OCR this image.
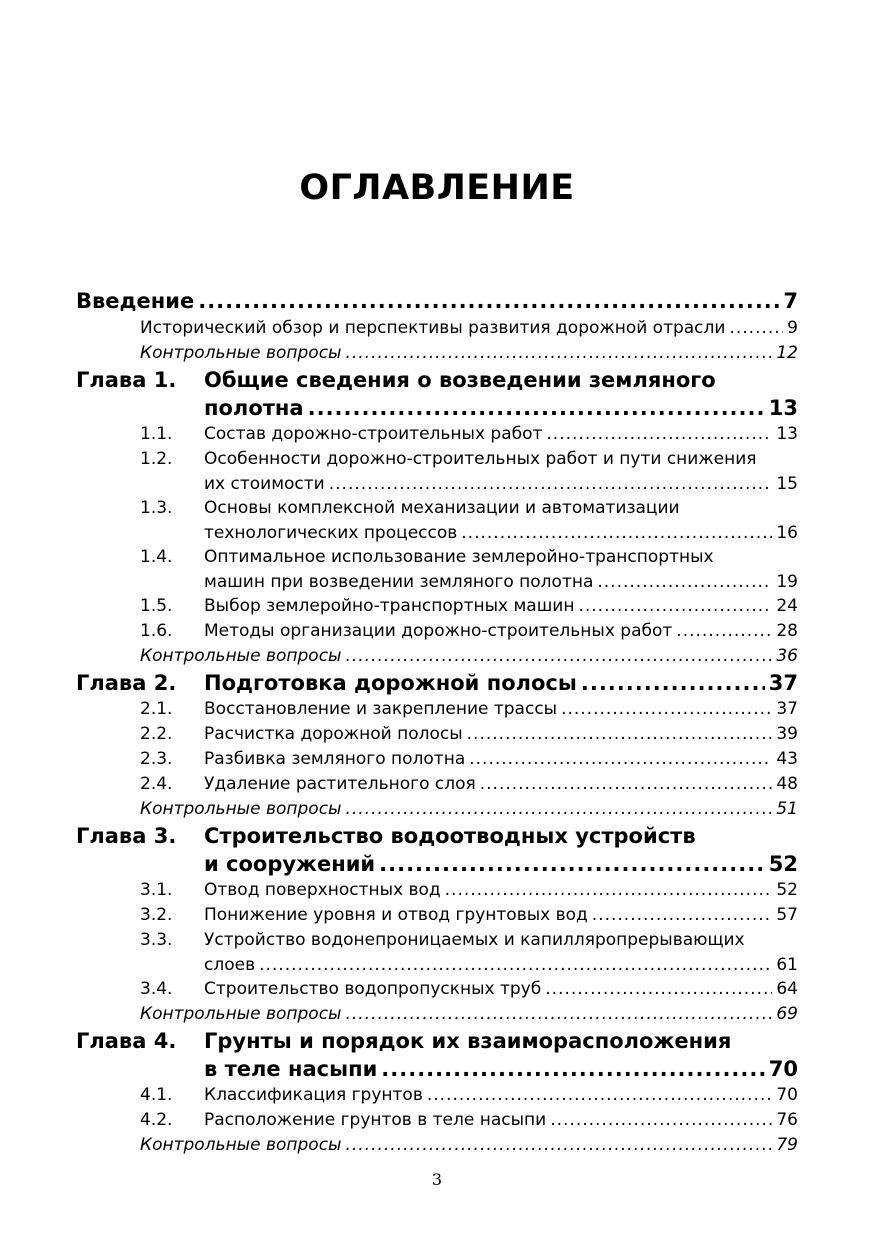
ОГЛАВЛЕНИЕ
Введение .....	7
Исторический обзор и перспективы развития дорожной отрасли .....	9
Контрольные вопросы .....	12
Глава 1.	Общие сведения о возведении земляного
полотна .....	13
1.1.	Состав дорожно-строительных работ .....	13
1.2.	Особенности дорожно-строительных работ и пути снижения
их стоимости .....	15
1.3.	Основы комплексной механизации и автоматизации
технологических процессов .....	16
1.4.	Оптимальное использование землеройно-транспортных
машин при возведении земляного полотна .....	19
1.5.	Выбор землеройно-транспортных машин .....	24
1.6.	Методы организации дорожно-строительных работ .....	28
Контрольные вопросы .....	36
Глава 2.	Подготовка дорожной полосы .....	37
2.1.	Восстановление и закрепление трассы .....	37
2.2.	Расчистка дорожной полосы .....	39
2.3.	Разбивка земляного полотна .....	43
2.4.	Удаление растительного слоя .....	48
Контрольные вопросы .....	51
Глава 3.	Строительство водоотводных устройств
и сооружений .....	52
3.1.	Отвод поверхностных вод .....	52
3.2.	Понижение уровня и отвод грунтовых вод .....	57
3.3.	Устройство водонепроницаемых и капилляропрерывающих
слоев .....	61
3.4.	Строительство водопропускных труб .....	64
Контрольные вопросы .....	69
Глава 4.	Грунты и порядок их взаиморасположения
в теле насыпи .....	70
4.1.	Классификация грунтов .....	70
4.2.	Расположение грунтов в теле насыпи .....	76
Контрольные вопросы .....	79
3
